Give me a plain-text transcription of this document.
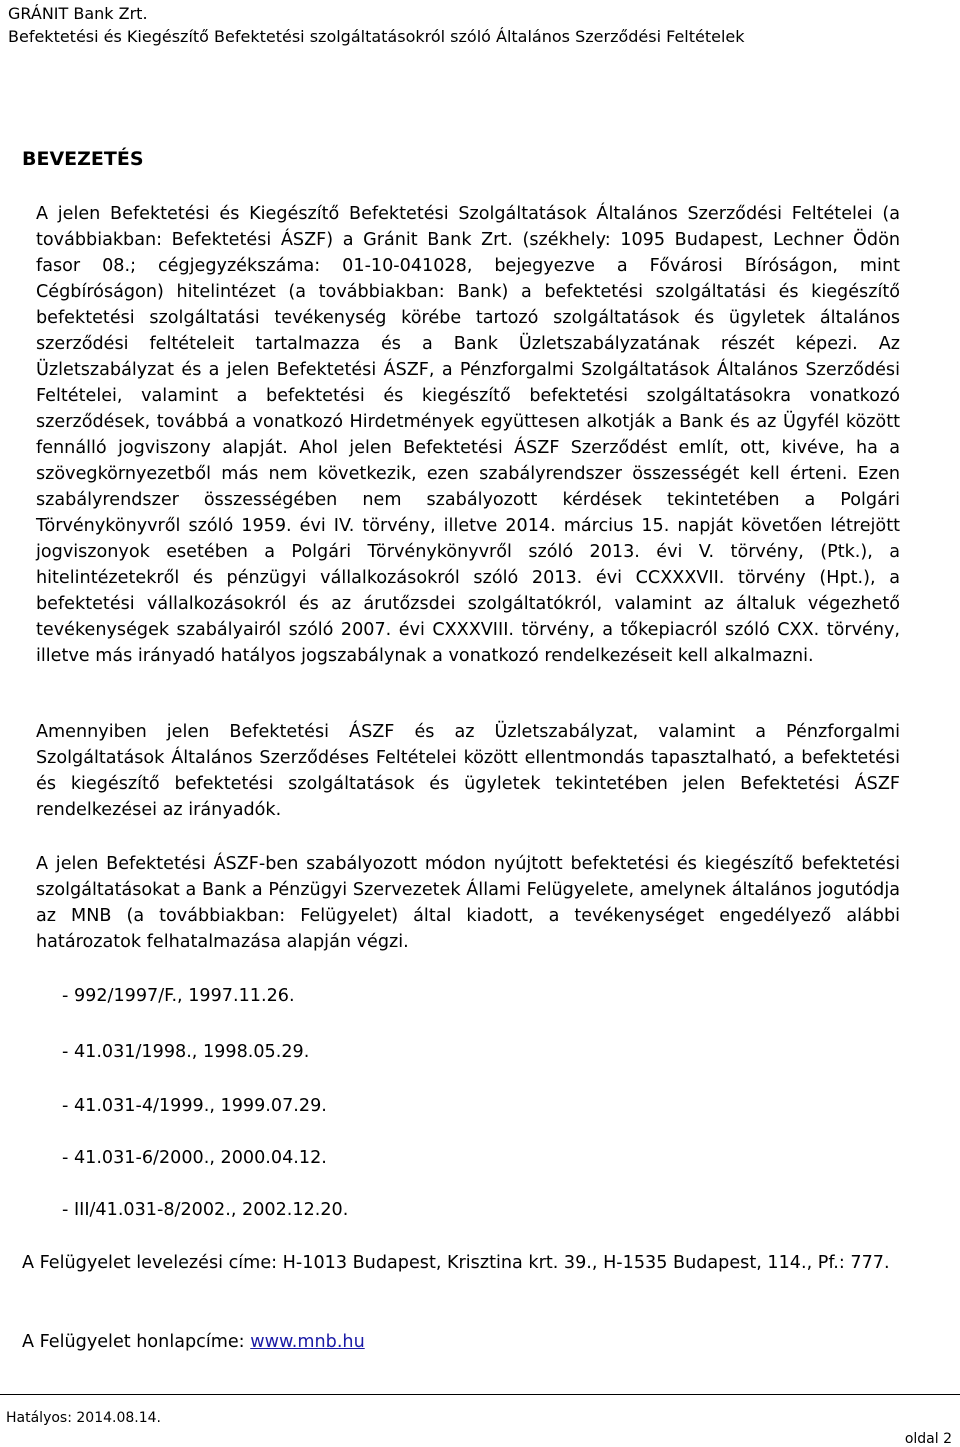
GRÁNIT Bank Zrt.
Befektetési és Kiegészítő Befektetési szolgáltatásokról szóló Általános Szerződési Feltételek
BEVEZETÉS

A jelen Befektetési és Kiegészítő Befektetési Szolgáltatások Általános Szerződési Feltételei (a továbbiakban: Befektetési ÁSZF) a Gránit Bank Zrt. (székhely: 1095 Budapest, Lechner Ödön fasor 08.; cégjegyzékszáma: 01-10-041028, bejegyezve a Fővárosi Bíróságon, mint Cégbíróságon) hitelintézet (a továbbiakban: Bank) a befektetési szolgáltatási és kiegészítő befektetési szolgáltatási tevékenység körébe tartozó szolgáltatások és ügyletek általános szerződési feltételeit tartalmazza és a Bank Üzletszabályzatának részét képezi. Az Üzletszabályzat és a jelen Befektetési ÁSZF, a Pénzforgalmi Szolgáltatások Általános Szerződési Feltételei, valamint a befektetési és kiegészítő befektetési szolgáltatásokra vonatkozó szerződések, továbbá a vonatkozó Hirdetmények együttesen alkotják a Bank és az Ügyfél között fennálló jogviszony alapját. Ahol jelen Befektetési ÁSZF Szerződést említ, ott, kivéve, ha a szövegkörnyezetből más nem következik, ezen szabályrendszer összességét kell érteni. Ezen szabályrendszer összességében nem szabályozott kérdések tekintetében a Polgári Törvénykönyvről szóló 1959. évi IV. törvény, illetve 2014. március 15. napját követően létrejött jogviszonyok esetében a Polgári Törvénykönyvről szóló 2013. évi V. törvény, (Ptk.), a hitelintézetekről és pénzügyi vállalkozásokról szóló 2013. évi CCXXXVII. törvény (Hpt.), a befektetési vállalkozásokról és az árutőzsdei szolgáltatókról, valamint az általuk végezhető tevékenységek szabályairól szóló 2007. évi CXXXVIII. törvény, a tőkepiacról szóló CXX. törvény, illetve más irányadó hatályos jogszabálynak a vonatkozó rendelkezéseit kell alkalmazni.

Amennyiben jelen Befektetési ÁSZF és az Üzletszabályzat, valamint a Pénzforgalmi Szolgáltatások Általános Szerződéses Feltételei között ellentmondás tapasztalható, a befektetési és kiegészítő befektetési szolgáltatások és ügyletek tekintetében jelen Befektetési ÁSZF rendelkezései az irányadók.

A jelen Befektetési ÁSZF-ben szabályozott módon nyújtott befektetési és kiegészítő befektetési szolgáltatásokat a Bank a Pénzügyi Szervezetek Állami Felügyelete, amelynek általános jogutódja az MNB (a továbbiakban: Felügyelet) által kiadott, a tevékenységet engedélyező alábbi határozatok felhatalmazása alapján végzi.

- 992/1997/F., 1997.11.26.
- 41.031/1998., 1998.05.29.
- 41.031-4/1999., 1999.07.29.
- 41.031-6/2000., 2000.04.12.
- III/41.031-8/2002., 2002.12.20.

A Felügyelet levelezési címe: H-1013 Budapest, Krisztina krt. 39., H-1535 Budapest, 114., Pf.: 777.

A Felügyelet honlapcíme: www.mnb.hu
Hatályos: 2014.08.14.
oldal 2
